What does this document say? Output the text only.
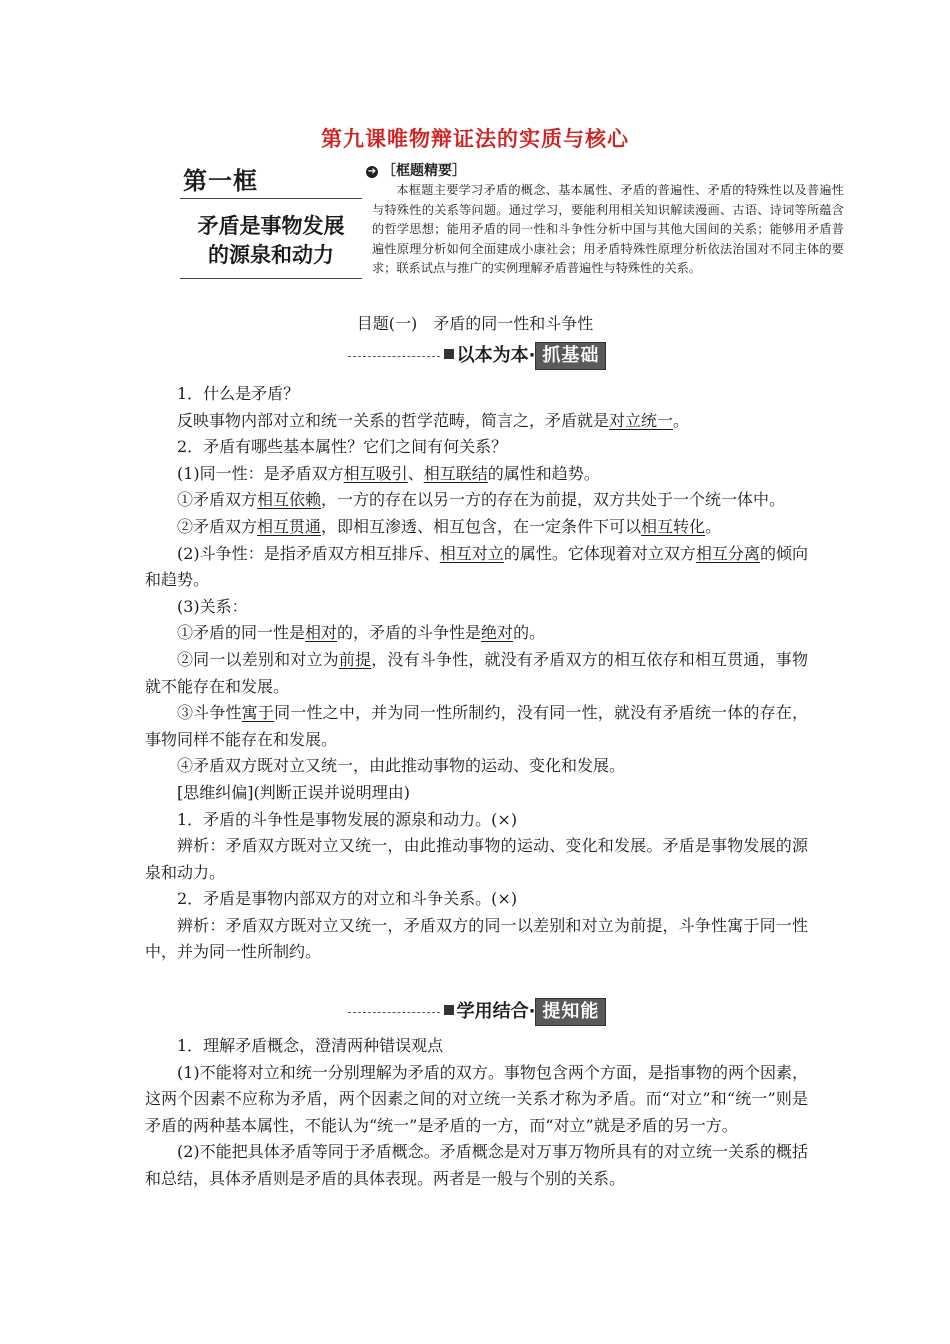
第九课唯物辩证法的实质与核心
第一框
矛盾是事物发展
的源泉和动力
➔ ［框题精要］
本框题主要学习矛盾的概念、基本属性、矛盾的普遍性、矛盾的特殊性以及普遍性与特殊性的关系等问题。通过学习，要能利用相关知识解读漫画、古语、诗词等所蕴含的哲学思想；能用矛盾的同一性和斗争性分析中国与其他大国间的关系；能够用矛盾普遍性原理分析如何全面建成小康社会；用矛盾特殊性原理分析依法治国对不同主体的要求；联系试点与推广的实例理解矛盾普遍性与特殊性的关系。
目题(一)　矛盾的同一性和斗争性
以本为本· 抓基础

1．什么是矛盾？

反映事物内部对立和统一关系的哲学范畴，简言之，矛盾就是对立统一。

2．矛盾有哪些基本属性？它们之间有何关系？

(1)同一性：是矛盾双方相互吸引、相互联结的属性和趋势。

①矛盾双方相互依赖，一方的存在以另一方的存在为前提，双方共处于一个统一体中。

②矛盾双方相互贯通，即相互渗透、相互包含，在一定条件下可以相互转化。

(2)斗争性：是指矛盾双方相互排斥、相互对立的属性。它体现着对立双方相互分离的倾向和趋势。

(3)关系：

①矛盾的同一性是相对的，矛盾的斗争性是绝对的。

②同一以差别和对立为前提，没有斗争性，就没有矛盾双方的相互依存和相互贯通，事物就不能存在和发展。

③斗争性寓于同一性之中，并为同一性所制约，没有同一性，就没有矛盾统一体的存在，事物同样不能存在和发展。

④矛盾双方既对立又统一，由此推动事物的运动、变化和发展。

[思维纠偏](判断正误并说明理由)

1．矛盾的斗争性是事物发展的源泉和动力。(×)

辨析：矛盾双方既对立又统一，由此推动事物的运动、变化和发展。矛盾是事物发展的源泉和动力。

2．矛盾是事物内部双方的对立和斗争关系。(×)

辨析：矛盾双方既对立又统一，矛盾双方的同一以差别和对立为前提，斗争性寓于同一性中，并为同一性所制约。

学用结合· 提知能

1．理解矛盾概念，澄清两种错误观点

(1)不能将对立和统一分别理解为矛盾的双方。事物包含两个方面，是指事物的两个因素，这两个因素不应称为矛盾，两个因素之间的对立统一关系才称为矛盾。而“对立”和“统一”则是矛盾的两种基本属性，不能认为“统一”是矛盾的一方，而“对立”就是矛盾的另一方。

(2)不能把具体矛盾等同于矛盾概念。矛盾概念是对万事万物所具有的对立统一关系的概括和总结，具体矛盾则是矛盾的具体表现。两者是一般与个别的关系。
